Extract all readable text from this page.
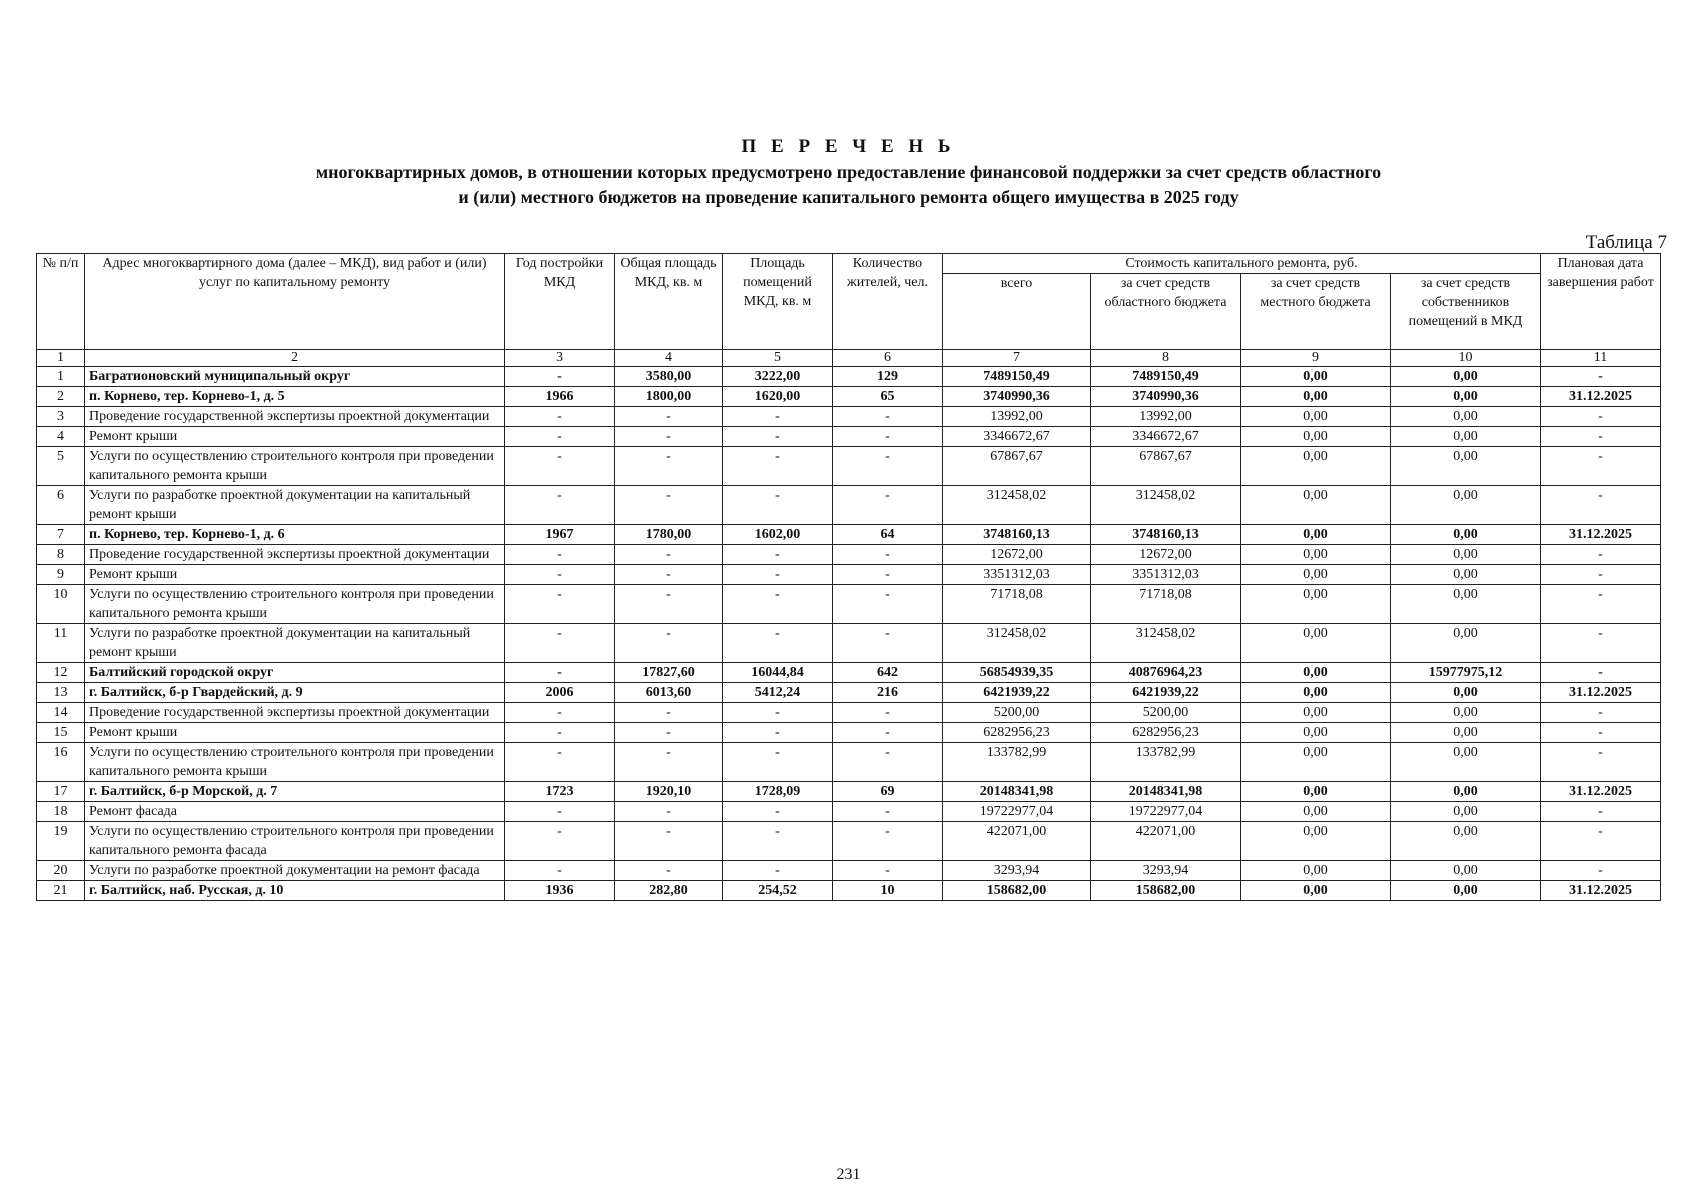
П Е Р Е Ч Е Н Ь
многоквартирных домов, в отношении которых предусмотрено предоставление финансовой поддержки за счет средств областного
и (или) местного бюджетов на проведение капитального ремонта общего имущества в 2025 году
Таблица 7
№ п/п	Адрес многоквартирного дома (далее – МКД), вид работ и (или) услуг по капитальному ремонту	Год постройки МКД	Общая площадь МКД, кв. м	Площадь помещений МКД, кв. м	Количество жителей, чел.	Стоимость капитального ремонта, руб.				Плановая дата завершения работ
						всего	за счет средств областного бюджета	за счет средств местного бюджета	за счет средств собственников помещений в МКД	
1	2	3	4	5	6	7	8	9	10	11
1	Багратионовский муниципальный округ	-	3580,00	3222,00	129	7489150,49	7489150,49	0,00	0,00	-
2	п. Корнево, тер. Корнево-1, д. 5	1966	1800,00	1620,00	65	3740990,36	3740990,36	0,00	0,00	31.12.2025
3	Проведение государственной экспертизы проектной документации	-	-	-	-	13992,00	13992,00	0,00	0,00	-
4	Ремонт крыши	-	-	-	-	3346672,67	3346672,67	0,00	0,00	-
5	Услуги по осуществлению строительного контроля при проведении капитального ремонта крыши	-	-	-	-	67867,67	67867,67	0,00	0,00	-
6	Услуги по разработке проектной документации на капитальный ремонт крыши	-	-	-	-	312458,02	312458,02	0,00	0,00	-
7	п. Корнево, тер. Корнево-1, д. 6	1967	1780,00	1602,00	64	3748160,13	3748160,13	0,00	0,00	31.12.2025
8	Проведение государственной экспертизы проектной документации	-	-	-	-	12672,00	12672,00	0,00	0,00	-
9	Ремонт крыши	-	-	-	-	3351312,03	3351312,03	0,00	0,00	-
10	Услуги по осуществлению строительного контроля при проведении капитального ремонта крыши	-	-	-	-	71718,08	71718,08	0,00	0,00	-
11	Услуги по разработке проектной документации на капитальный ремонт крыши	-	-	-	-	312458,02	312458,02	0,00	0,00	-
12	Балтийский городской округ	-	17827,60	16044,84	642	56854939,35	40876964,23	0,00	15977975,12	-
13	г. Балтийск, б-р Гвардейский, д. 9	2006	6013,60	5412,24	216	6421939,22	6421939,22	0,00	0,00	31.12.2025
14	Проведение государственной экспертизы проектной документации	-	-	-	-	5200,00	5200,00	0,00	0,00	-
15	Ремонт крыши	-	-	-	-	6282956,23	6282956,23	0,00	0,00	-
16	Услуги по осуществлению строительного контроля при проведении капитального ремонта крыши	-	-	-	-	133782,99	133782,99	0,00	0,00	-
17	г. Балтийск, б-р Морской, д. 7	1723	1920,10	1728,09	69	20148341,98	20148341,98	0,00	0,00	31.12.2025
18	Ремонт фасада	-	-	-	-	19722977,04	19722977,04	0,00	0,00	-
19	Услуги по осуществлению строительного контроля при проведении капитального ремонта фасада	-	-	-	-	422071,00	422071,00	0,00	0,00	-
20	Услуги по разработке проектной документации на ремонт фасада	-	-	-	-	3293,94	3293,94	0,00	0,00	-
21	г. Балтийск, наб. Русская, д. 10	1936	282,80	254,52	10	158682,00	158682,00	0,00	0,00	31.12.2025
231
